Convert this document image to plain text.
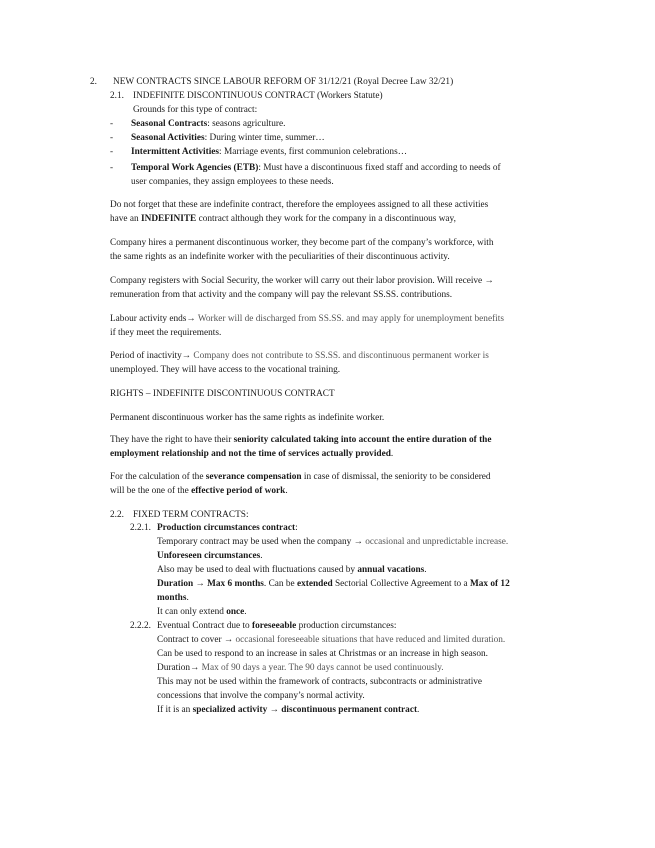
2. NEW CONTRACTS SINCE LABOUR REFORM OF 31/12/21 (Royal Decree Law 32/21)
2.1. INDEFINITE DISCONTINUOUS CONTRACT (Workers Statute)
Grounds for this type of contract:
- Seasonal Contracts: seasons agriculture.
- Seasonal Activities: During winter time, summer…
- Intermittent Activities: Marriage events, first communion celebrations…
- Temporal Work Agencies (ETB): Must have a discontinuous fixed staff and according to needs of
user companies, they assign employees to these needs.
Do not forget that these are indefinite contract, therefore the employees assigned to all these activities
have an INDEFINITE contract although they work for the company in a discontinuous way,
Company hires a permanent discontinuous worker, they become part of the company’s workforce, with
the same rights as an indefinite worker with the peculiarities of their discontinuous activity.
Company registers with Social Security, the worker will carry out their labor provision. Will receive →
remuneration from that activity and the company will pay the relevant SS.SS. contributions.
Labour activity ends→ Worker will de discharged from SS.SS. and may apply for unemployment benefits
if they meet the requirements.
Period of inactivity→ Company does not contribute to SS.SS. and discontinuous permanent worker is
unemployed. They will have access to the vocational training.
RIGHTS – INDEFINITE DISCONTINUOUS CONTRACT
Permanent discontinuous worker has the same rights as indefinite worker.
They have the right to have their seniority calculated taking into account the entire duration of the
employment relationship and not the time of services actually provided.
For the calculation of the severance compensation in case of dismissal, the seniority to be considered
will be the one of the effective period of work.
2.2. FIXED TERM CONTRACTS:
2.2.1. Production circumstances contract:
Temporary contract may be used when the company → occasional and unpredictable increase.
Unforeseen circumstances.
Also may be used to deal with fluctuations caused by annual vacations.
Duration → Max 6 months. Can be extended Sectorial Collective Agreement to a Max of 12
months.
It can only extend once.
2.2.2. Eventual Contract due to foreseeable production circumstances:
Contract to cover → occasional foreseeable situations that have reduced and limited duration.
Can be used to respond to an increase in sales at Christmas or an increase in high season.
Duration→ Max of 90 days a year. The 90 days cannot be used continuously.
This may not be used within the framework of contracts, subcontracts or administrative
concessions that involve the company’s normal activity.
If it is an specialized activity → discontinuous permanent contract.
